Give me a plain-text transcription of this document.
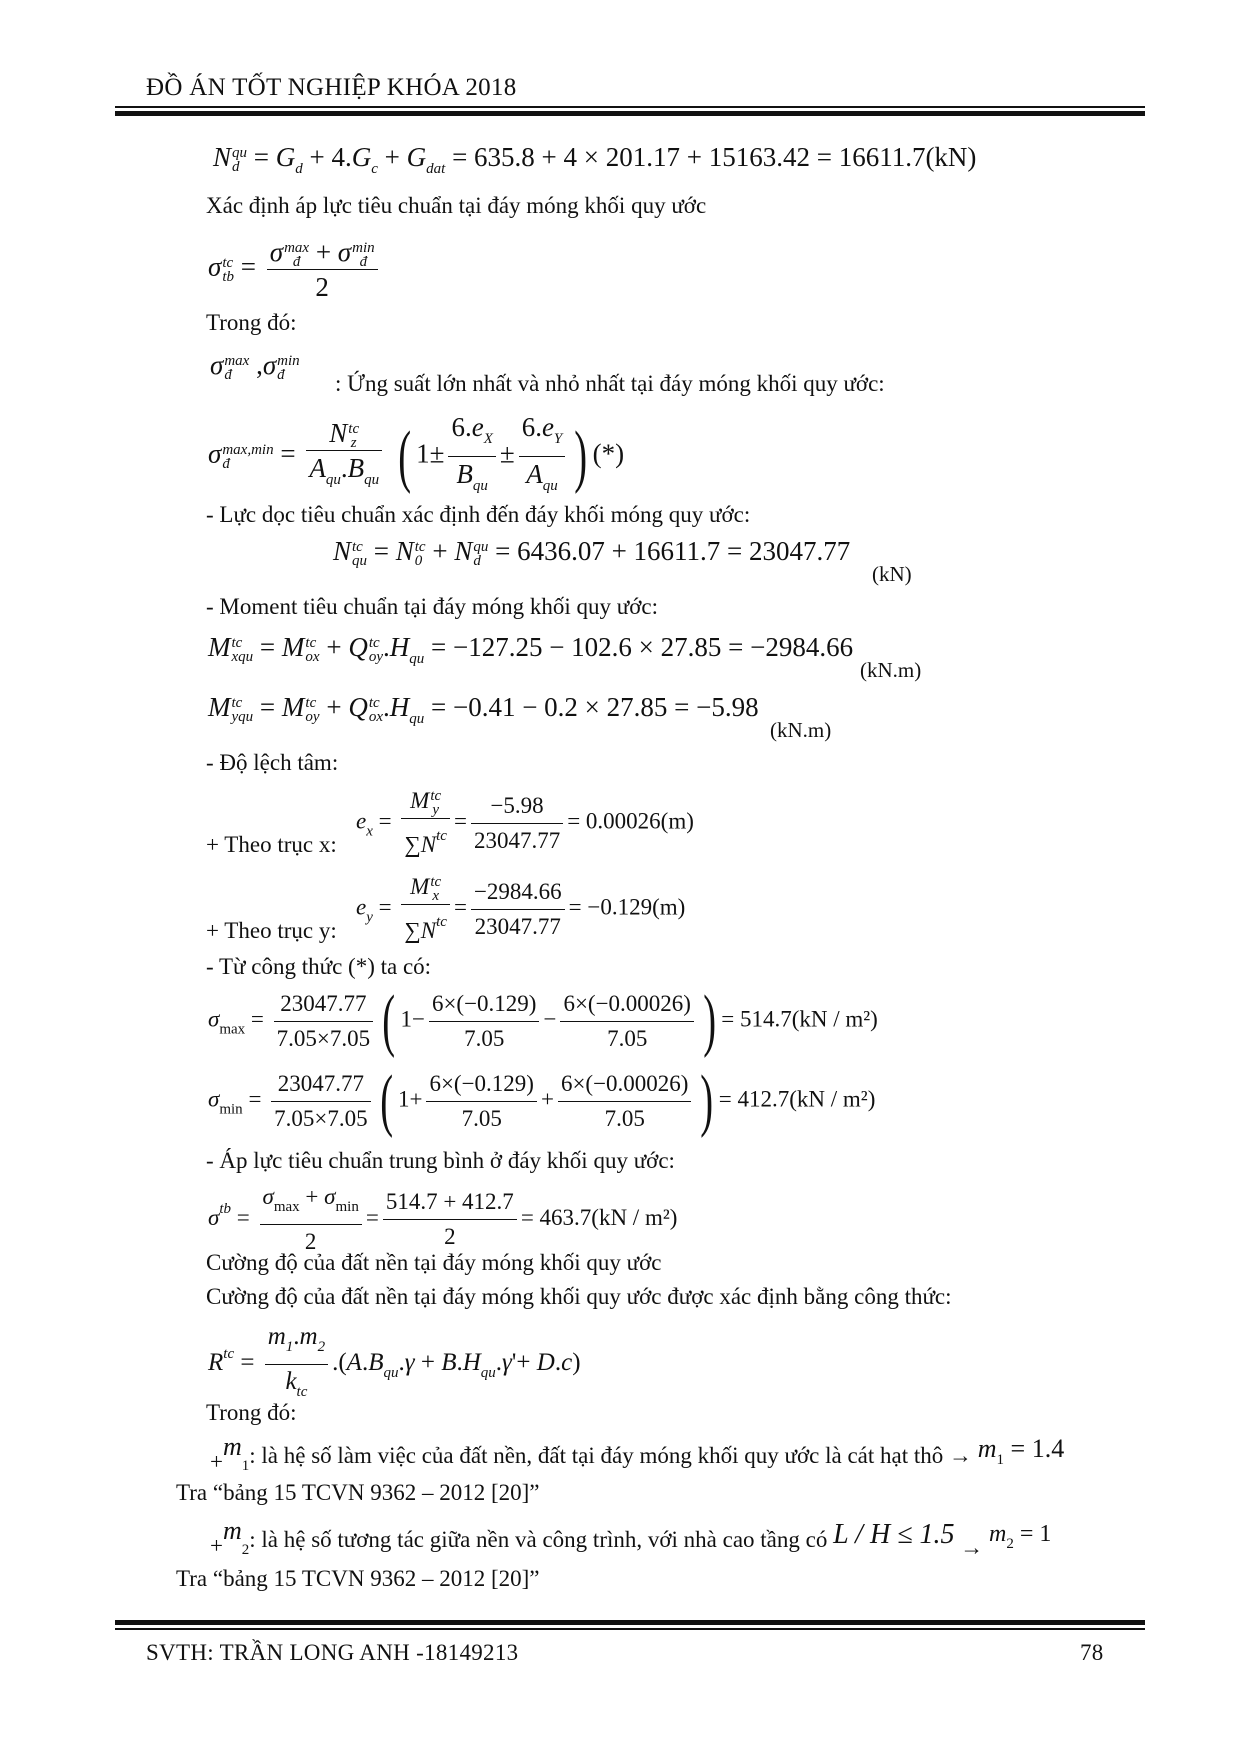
ĐỒ ÁN TỐT NGHIỆP KHÓA 2018
N qu
$d = G_d + 4.G_c + G_{dat} = 635.8 + 4 \times 201.17 + 15163.42 = 16611.7(kN)$
Xác định áp lực tiêu chuẩn tại đáy móng khối quy ước
σ tc
tb = σ max
đ + σ min
đ
2
Trong đó:
σ max
đ ,σ min
đ	: Ứng suất lớn nhất và nhỏ nhất tại đáy móng khối quy ước:
σ max,min
đ	= N tc
z
$A_{qu}.B_{qu}$ ( $1\pm \frac{6.e_X}{B_{qu}} \pm \frac{6.e_Y}{A_{qu}}$ ) (*)
- Lực dọc tiêu chuẩn xác định đến đáy khối móng quy ước:
N tc
qu = N tc
0 + N qu
d = 6436.07 + 16611.7 = 23047.77
(kN)
- Moment tiêu chuẩn tại đáy móng khối quy ước:
M tc
xqu = M tc
ox + Q tc
oy $.H_{qu} = -127.25 - 102.6 \times 27.85 = -2984.66$
(kN.m)
M tc
yqu = M tc
oy + Q tc
ox $.H_{qu} = -0.41 - 0.2 \times 27.85 = -5.98$
(kN.m)
- Độ lệch tâm:
$e_x = M$ tc
y
$\sum N^{tc} = \frac{-5.98}{23047.77} = 0.00026(m)$
+ Theo trục x:
$e_y = M$ tc
x
$\sum N^{tc} = \frac{-2984.66}{23047.77} = -0.129(m)$
+ Theo trục y:
- Từ công thức (*) ta có:
$\sigma_{max} = \frac{23047.77}{7.05\times 7.05}$ ( $1- \frac{6\times(-0.129)}{7.05} - \frac{6\times(-0.00026)}{7.05}$ ) = 514.7(kN / m²)
$\sigma_{min} = \frac{23047.77}{7.05\times 7.05}$ ( $1+ \frac{6\times(-0.129)}{7.05} + \frac{6\times(-0.00026)}{7.05}$ ) = 412.7(kN / m²)
- Áp lực tiêu chuẩn trung bình ở đáy khối quy ước:
$\sigma^{tb} = \frac{\sigma_{max} + \sigma_{min}}{2} = \frac{514.7 + 412.7}{2} = 463.7(kN / m^2)$
Cường độ của đất nền tại đáy móng khối quy ước
Cường độ của đất nền tại đáy móng khối quy ước được xác định bằng công thức:
$R^{tc} = \frac{m_1.m_2}{k_{tc}} .(A.B_{qu}.\gamma + B.H_{qu}.\gamma'+ D.c)$
Trong đó:
$+m_1$: là hệ số làm việc của đất nền, đất tại đáy móng khối quy ước là cát hạt thô → $m_1 = 1.4$
Tra “bảng 15 TCVN 9362 – 2012 [20]”
$+m_2$: là hệ số tương tác giữa nền và công trình, với nhà cao tầng có $L / H \le 1.5 \to m_2 = 1$
Tra “bảng 15 TCVN 9362 – 2012 [20]”
SVTH: TRẦN LONG ANH -18149213	78
